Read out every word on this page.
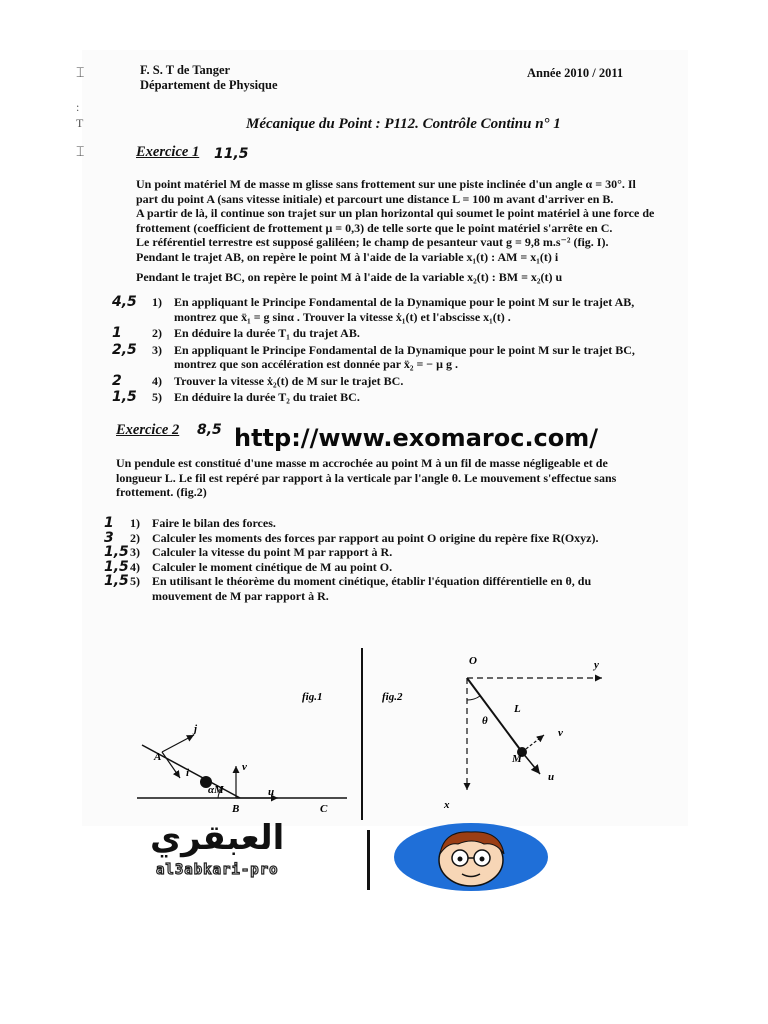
⌶
:
T
⌶
F. S. T de Tanger
Département de Physique
Année 2010 / 2011
Mécanique du Point : P112. Contrôle Continu n° 1
Exercice 1 11,5
Un point matériel M de masse m glisse sans frottement sur une piste inclinée d'un angle α = 30°. Il
part du point A (sans vitesse initiale) et parcourt une distance L = 100 m avant d'arriver en B.
A partir de là, il continue son trajet sur un plan horizontal qui soumet le point matériel à une force de
frottement (coefficient de frottement μ = 0,3) de telle sorte que le point matériel s'arrête en C.
Le référentiel terrestre est supposé galiléen; le champ de pesanteur vaut g = 9,8 m.s⁻² (fig. I).
Pendant le trajet AB, on repère le point M à l'aide de la variable x₁(t) : AM = x₁(t) i
Pendant le trajet BC, on repère le point M à l'aide de la variable x₂(t) : BM = x₂(t) u
4,5	1)	En appliquant le Principe Fondamental de la Dynamique pour le point M sur le trajet AB,
montrez que ẍ₁ = g sinα . Trouver la vitesse ẋ₁(t) et l'abscisse x₁(t) .
1	2)	En déduire la durée T₁ du trajet AB.
2,5	3)	En appliquant le Principe Fondamental de la Dynamique pour le point M sur le trajet BC,
montrez que son accélération est donnée par ẍ₂ = − μ g .
2	4)	Trouver la vitesse ẋ₂(t) de M sur le trajet BC.
1,5	5)	En déduire la durée T₂ du traiet BC.
Exercice 2 8,5 http://www.exomaroc.com/
Un pendule est constitué d'une masse m accrochée au point M à un fil de masse négligeable et de
longueur L. Le fil est repéré par rapport à la verticale par l'angle θ. Le mouvement s'effectue sans
frottement. (fig.2)
1	1)	Faire le bilan des forces.
3	2)	Calculer les moments des forces par rapport au point O origine du repère fixe R(Oxyz).
1,5 3)	Calculer la vitesse du point M par rapport à R.
1,5 4)	Calculer le moment cinétique de M au point O.
1,5 5)	En utilisant le théorème du moment cinétique, établir l'équation différentielle en θ, du
mouvement de M par rapport à R.
A
j
i
M
v
α
B
u
C
fig.1
O	y
L
θ
v
M
u
x
fig.2
العبقري
al3abkari-pro
